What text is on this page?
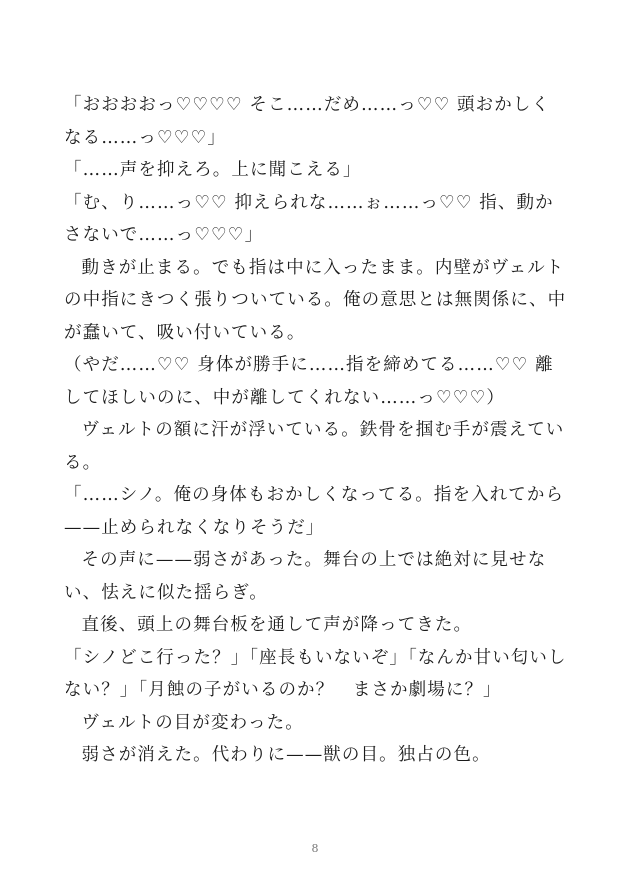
「おおおおっ♡♡♡♡ そこ……だめ……っ♡♡ 頭おかしくなる……っ♡♡♡」

「……声を抑えろ。上に聞こえる」

「む、り……っ♡♡ 抑えられな……ぉ……っ♡♡ 指、動かさないで……っ♡♡♡」

動きが止まる。でも指は中に入ったまま。内壁がヴェルトの中指にきつく張りついている。俺の意思とは無関係に、中が蠢いて、吸い付いている。

（やだ……♡♡ 身体が勝手に……指を締めてる……♡♡ 離してほしいのに、中が離してくれない……っ♡♡♡）

ヴェルトの額に汗が浮いている。鉄骨を掴む手が震えている。

「……シノ。俺の身体もおかしくなってる。指を入れてから——止められなくなりそうだ」

その声に——弱さがあった。舞台の上では絶対に見せない、怯えに似た揺らぎ。

直後、頭上の舞台板を通して声が降ってきた。

「シノどこ行った？」「座長もいないぞ」「なんか甘い匂いしない？」「月蝕の子がいるのか？　まさか劇場に？」

ヴェルトの目が変わった。

弱さが消えた。代わりに——獣の目。独占の色。

8
